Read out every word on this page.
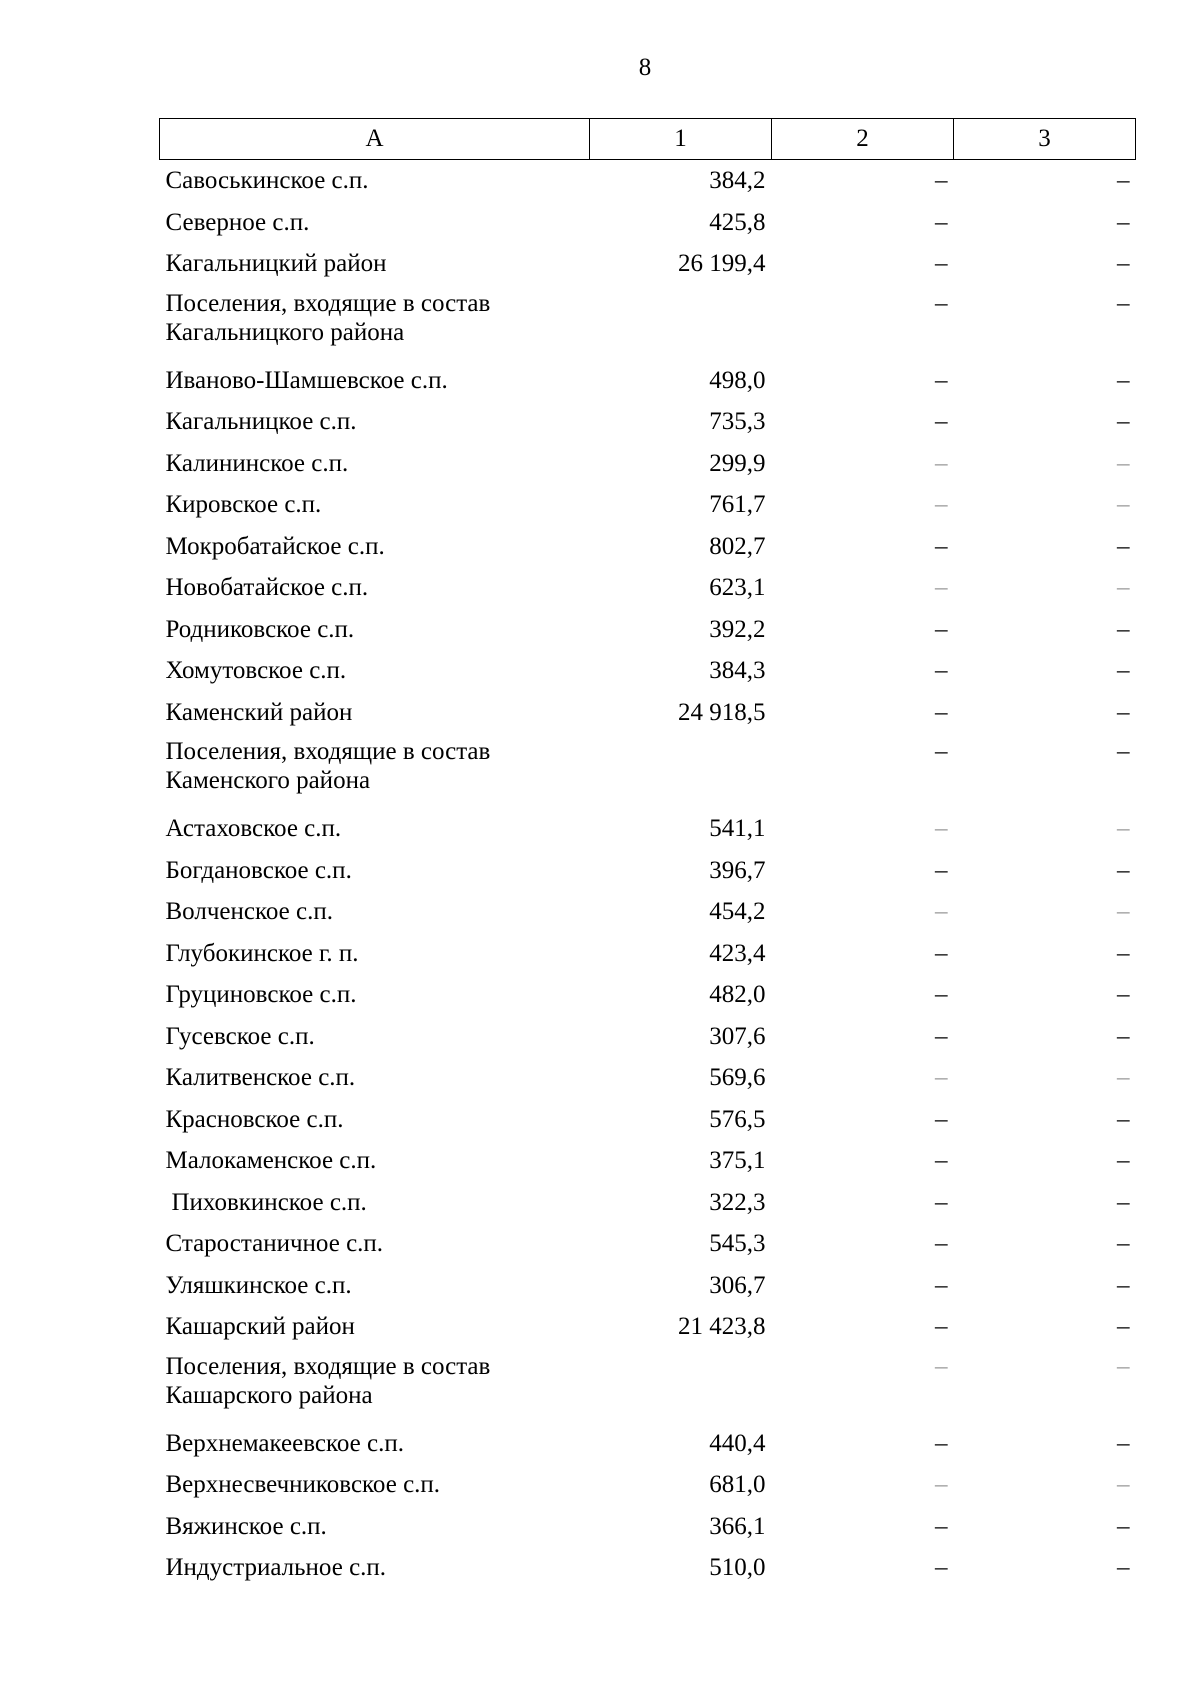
8
А	1	2	3
Савоськинское с.п.	384,2	–	–
Северное с.п.	425,8	–	–
Кагальницкий район	26 199,4	–	–
Поселения, входящие в состав Кагальницкого района		–	–
Иваново-Шамшевское с.п.	498,0	–	–
Кагальницкое с.п.	735,3	–	–
Калининское с.п.	299,9	–	–
Кировское с.п.	761,7	–	–
Мокробатайское с.п.	802,7	–	–
Новобатайское с.п.	623,1	–	–
Родниковское с.п.	392,2	–	–
Хомутовское с.п.	384,3	–	–
Каменский район	24 918,5	–	–
Поселения, входящие в состав Каменского района		–	–
Астаховское с.п.	541,1	–	–
Богдановское с.п.	396,7	–	–
Волченское с.п.	454,2	–	–
Глубокинское г. п.	423,4	–	–
Груциновское с.п.	482,0	–	–
Гусевское с.п.	307,6	–	–
Калитвенское с.п.	569,6	–	–
Красновское с.п.	576,5	–	–
Малокаменское с.п.	375,1	–	–
Пиховкинское с.п.	322,3	–	–
Старостаничное с.п.	545,3	–	–
Уляшкинское с.п.	306,7	–	–
Кашарский район	21 423,8	–	–
Поселения, входящие в состав Кашарского района		–	–
Верхнемакеевское с.п.	440,4	–	–
Верхнесвечниковское с.п.	681,0	–	–
Вяжинское с.п.	366,1	–	–
Индустриальное с.п.	510,0	–	–
